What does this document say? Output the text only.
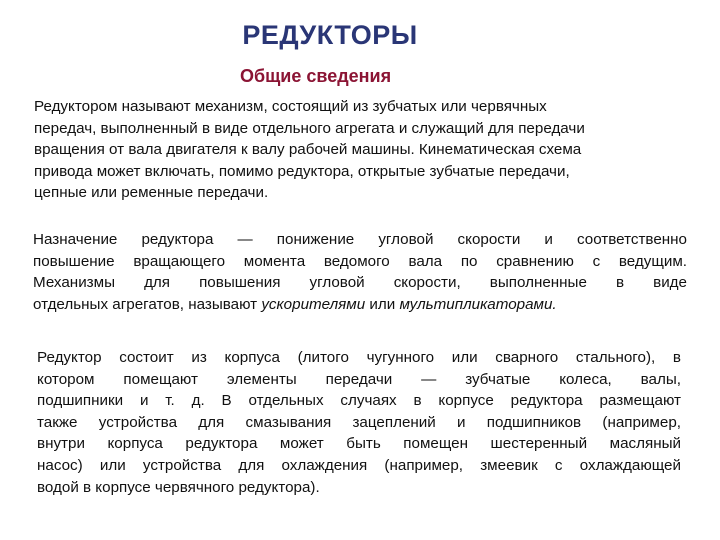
РЕДУКТОРЫ
Общие сведения
Редуктором называют механизм, состоящий из зубчатых или червячных
передач, выполненный в виде отдельного агрегата и служащий для передачи
вращения от вала двигателя к валу рабочей машины. Кинематическая схема
привода может включать, помимо редуктора, открытые зубчатые передачи,
цепные или ременные передачи.
Назначение редуктора — понижение угловой скорости и соответственно
повышение вращающего момента ведомого вала по сравнению с ведущим.
Механизмы для повышения угловой скорости, выполненные в виде
отдельных агрегатов, называют ускорителями или мультипликаторами.
Редуктор состоит из корпуса (литого чугунного или сварного стального), в
котором помещают элементы передачи — зубчатые колеса, валы,
подшипники и т. д. В отдельных случаях в корпусе редуктора размещают
также устройства для смазывания зацеплений и подшипников (например,
внутри корпуса редуктора может быть помещен шестеренный масляный
насос) или устройства для охлаждения (например, змеевик с охлаждающей
водой в корпусе червячного редуктора).
